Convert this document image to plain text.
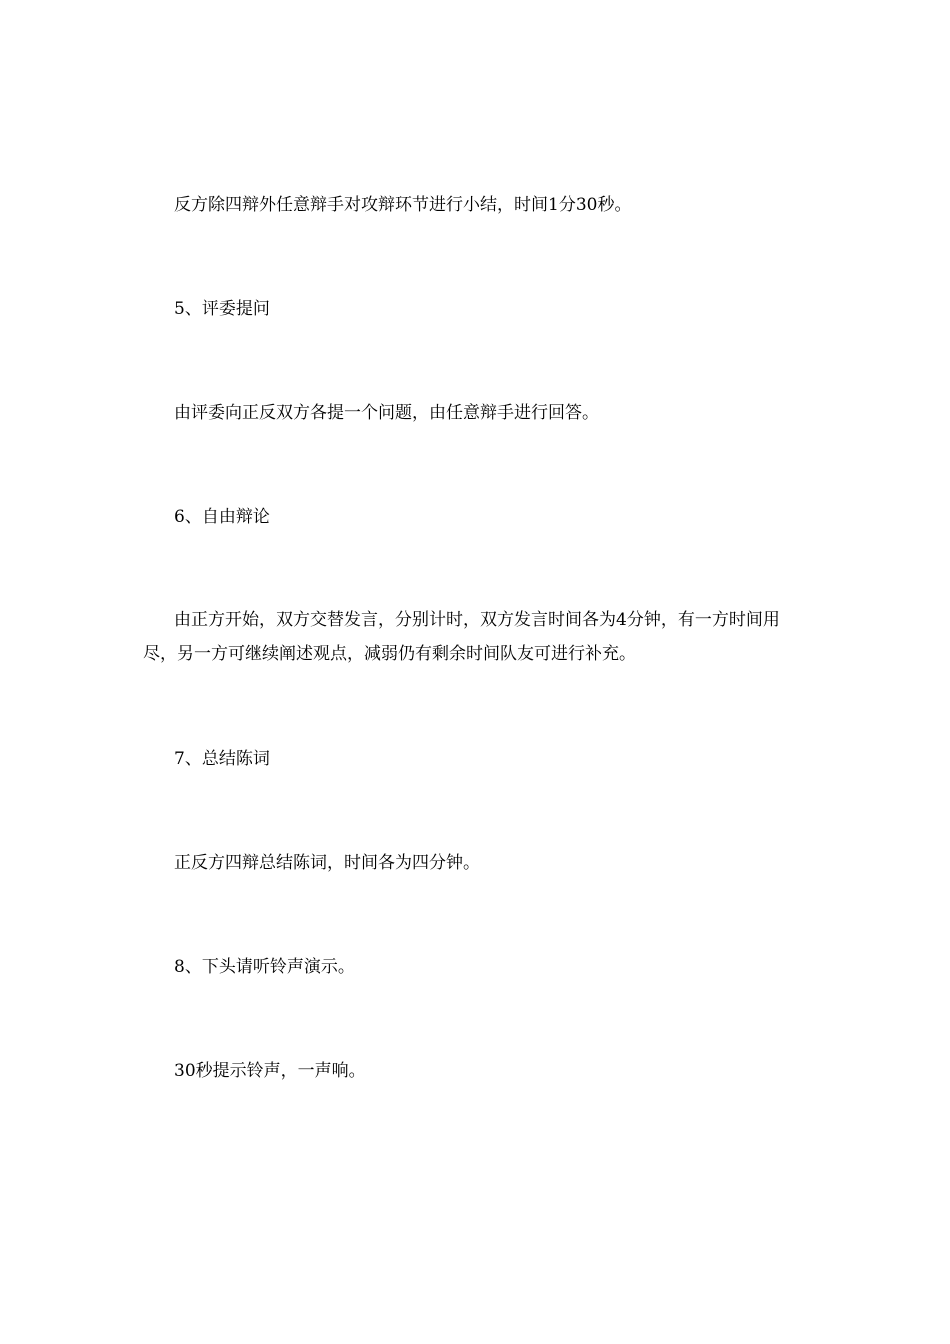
反方除四辩外任意辩手对攻辩环节进行小结，时间1分30秒。

5、评委提问

由评委向正反双方各提一个问题，由任意辩手进行回答。

6、自由辩论

由正方开始，双方交替发言，分别计时，双方发言时间各为4分钟，有一方时间用尽，另一方可继续阐述观点，减弱仍有剩余时间队友可进行补充。

7、总结陈词

正反方四辩总结陈词，时间各为四分钟。

8、下头请听铃声演示。

30秒提示铃声，一声响。
